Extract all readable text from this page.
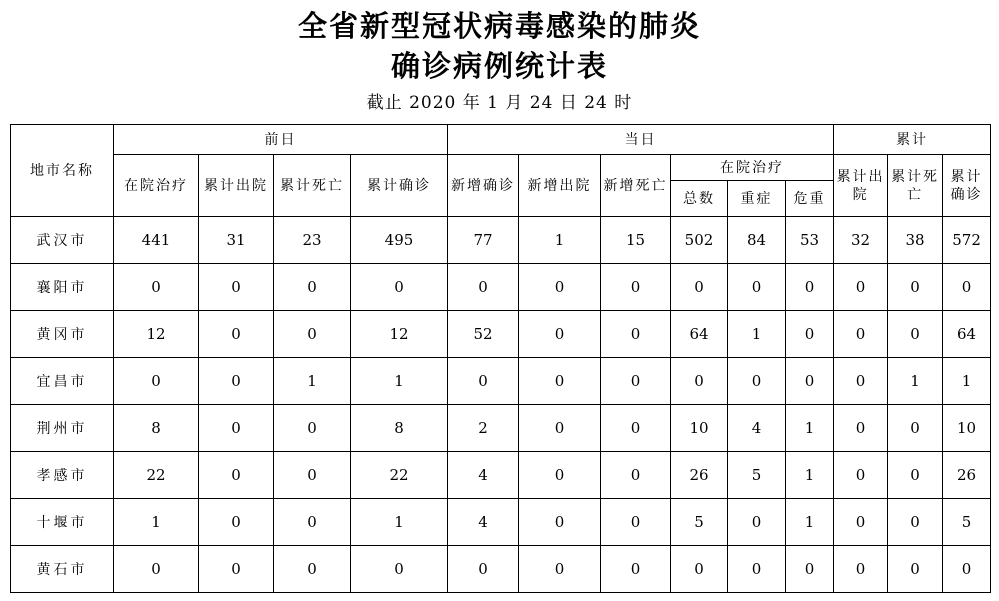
全省新型冠状病毒感染的肺炎
确诊病例统计表
截止 2020 年 1 月 24 日 24 时
地市名称	前日				当日						累计		
	在院治疗	累计出院	累计死亡	累计确诊	新增确诊	新增出院	新增死亡	在院治疗			累计出院	累计死亡	累计确诊
								总数	重症	危重			
武汉市	441	31	23	495	77	1	15	502	84	53	32	38	572
襄阳市	0	0	0	0	0	0	0	0	0	0	0	0	0
黄冈市	12	0	0	12	52	0	0	64	1	0	0	0	64
宜昌市	0	0	1	1	0	0	0	0	0	0	0	1	1
荆州市	8	0	0	8	2	0	0	10	4	1	0	0	10
孝感市	22	0	0	22	4	0	0	26	5	1	0	0	26
十堰市	1	0	0	1	4	0	0	5	0	1	0	0	5
黄石市	0	0	0	0	0	0	0	0	0	0	0	0	0
